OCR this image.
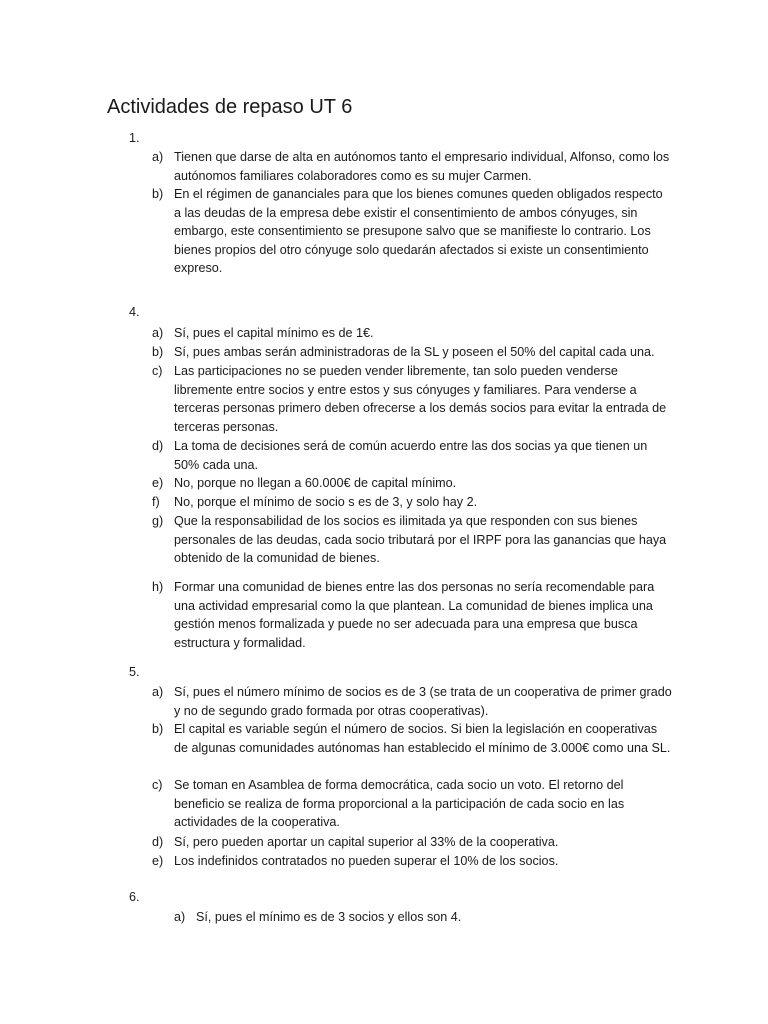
Actividades de repaso UT 6
1.
a) Tienen que darse de alta en autónomos tanto el empresario individual, Alfonso, como los autónomos familiares colaboradores como es su mujer Carmen.
b) En el régimen de gananciales para que los bienes comunes queden obligados respecto a las deudas de la empresa debe existir el consentimiento de ambos cónyuges, sin embargo, este consentimiento se presupone salvo que se manifieste lo contrario. Los bienes propios del otro cónyuge solo quedarán afectados si existe un consentimiento expreso.
4.
a) Sí, pues el capital mínimo es de 1€.
b) Sí, pues ambas serán administradoras de la SL y poseen el 50% del capital cada una.
c) Las participaciones no se pueden vender libremente, tan solo pueden venderse libremente entre socios y entre estos y sus cónyuges y familiares. Para venderse a terceras personas primero deben ofrecerse a los demás socios para evitar la entrada de terceras personas.
d) La toma de decisiones será de común acuerdo entre las dos socias ya que tienen un 50% cada una.
e) No, porque no llegan a 60.000€ de capital mínimo.
f)	No, porque el mínimo de socio s es de 3, y solo hay 2.
g) Que la responsabilidad de los socios es ilimitada ya que responden con sus bienes personales de las deudas, cada socio tributará por el IRPF pora las ganancias que haya obtenido de la comunidad de bienes.
h) Formar una comunidad de bienes entre las dos personas no sería recomendable para una actividad empresarial como la que plantean. La comunidad de bienes implica una gestión menos formalizada y puede no ser adecuada para una empresa que busca estructura y formalidad.
5.
a) Sí, pues el número mínimo de socios es de 3 (se trata de un cooperativa de primer grado y no de segundo grado formada por otras cooperativas).
b) El capital es variable según el número de socios. Si bien la legislación en cooperativas de algunas comunidades autónomas han establecido el mínimo de 3.000€ como una SL.
c) Se toman en Asamblea de forma democrática, cada socio un voto. El retorno del beneficio se realiza de forma proporcional a la participación de cada socio en las actividades de la cooperativa.
d) Sí, pero pueden aportar un capital superior al 33% de la cooperativa.
e) Los indefinidos contratados no pueden superar el 10% de los socios.
6.
a) Sí, pues el mínimo es de 3 socios y ellos son 4.
